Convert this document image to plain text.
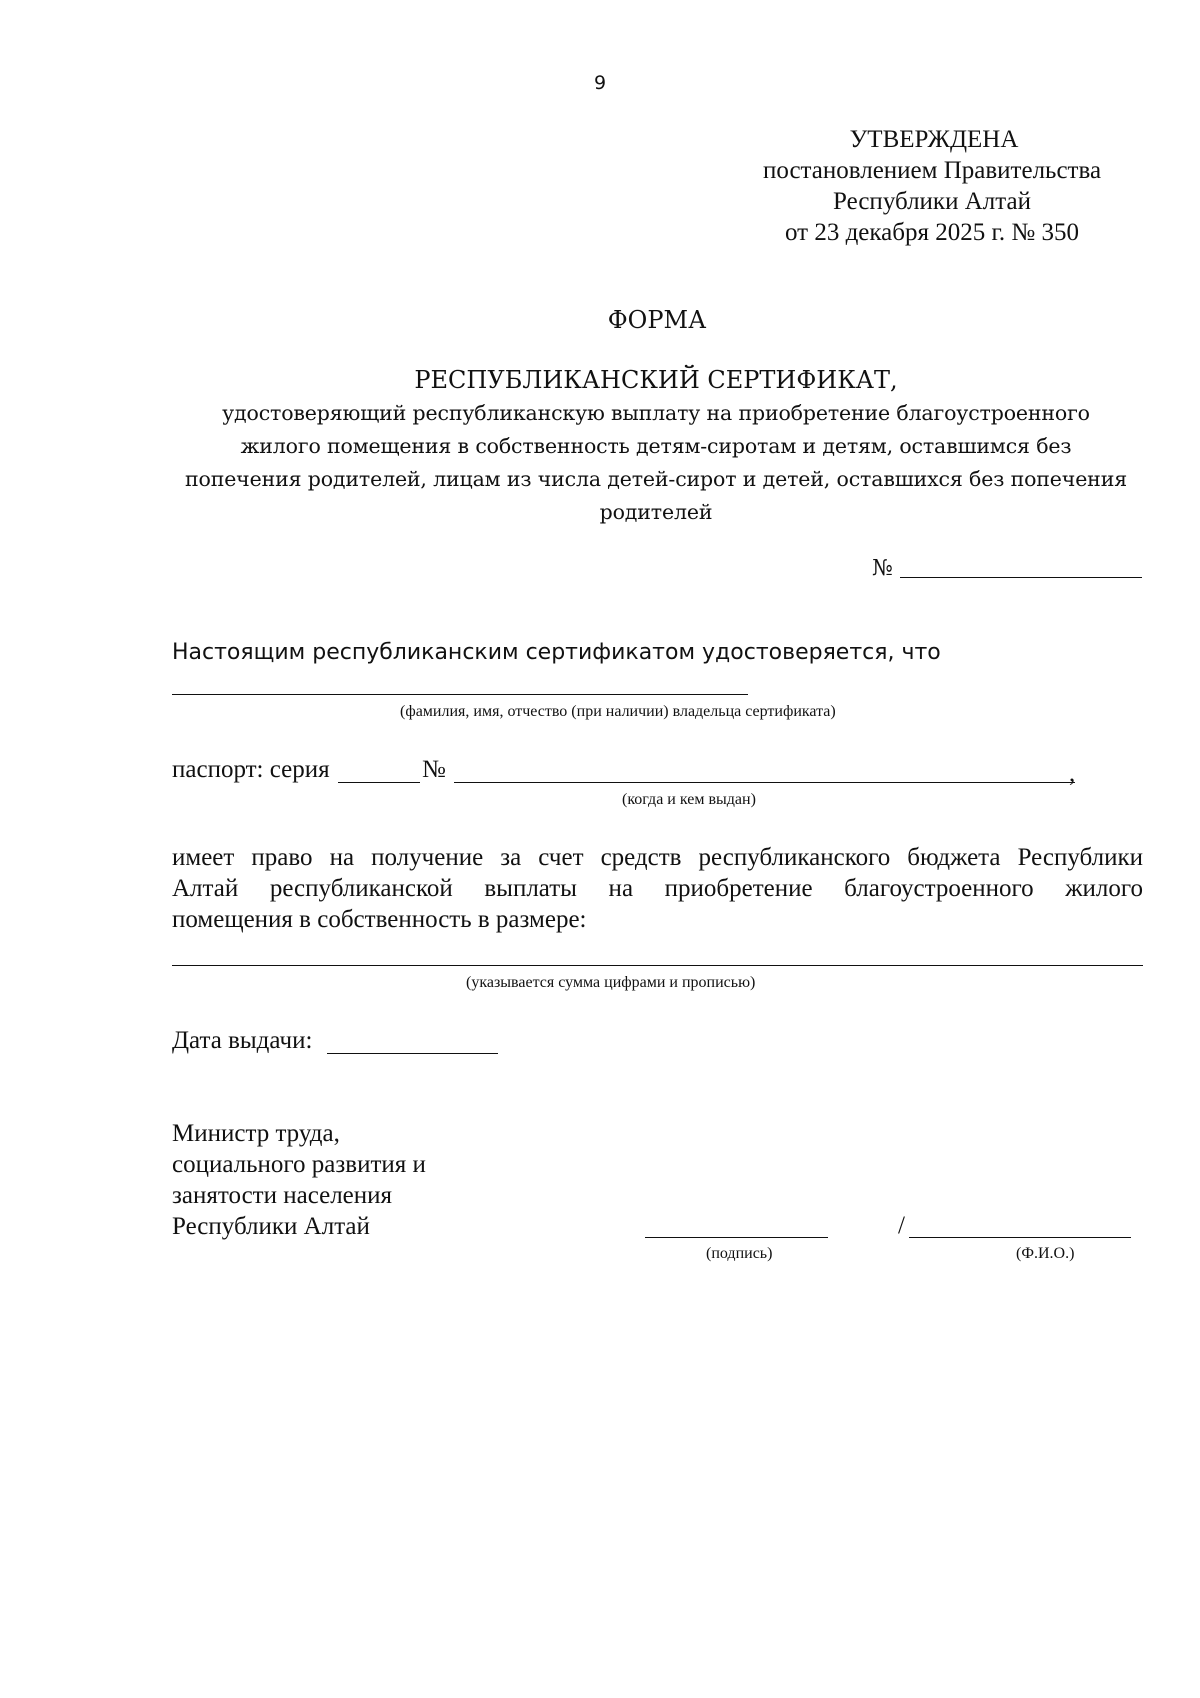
9
УТВЕРЖДЕНА
постановлением Правительства
Республики Алтай
от 23 декабря 2025 г. № 350
ФОРМА
РЕСПУБЛИКАНСКИЙ СЕРТИФИКАТ,
удостоверяющий республиканскую выплату на приобретение благоустроенного
жилого помещения в собственность детям-сиротам и детям, оставшимся без
попечения родителей, лицам из числа детей-сирот и детей, оставшихся без попечения
родителей
№
Настоящим республиканским сертификатом удостоверяется, что
(фамилия, имя, отчество (при наличии) владельца сертификата)
паспорт: серия	№	,
(когда и кем выдан)
имеет право на получение за счет средств республиканского бюджета Республики
Алтай республиканской выплаты на приобретение благоустроенного жилого
помещения в собственность в размере:
(указывается сумма цифрами и прописью)
Дата выдачи:
Министр труда,
социального развития и
занятости населения
Республики Алтай
(подпись)
/
(Ф.И.О.)
